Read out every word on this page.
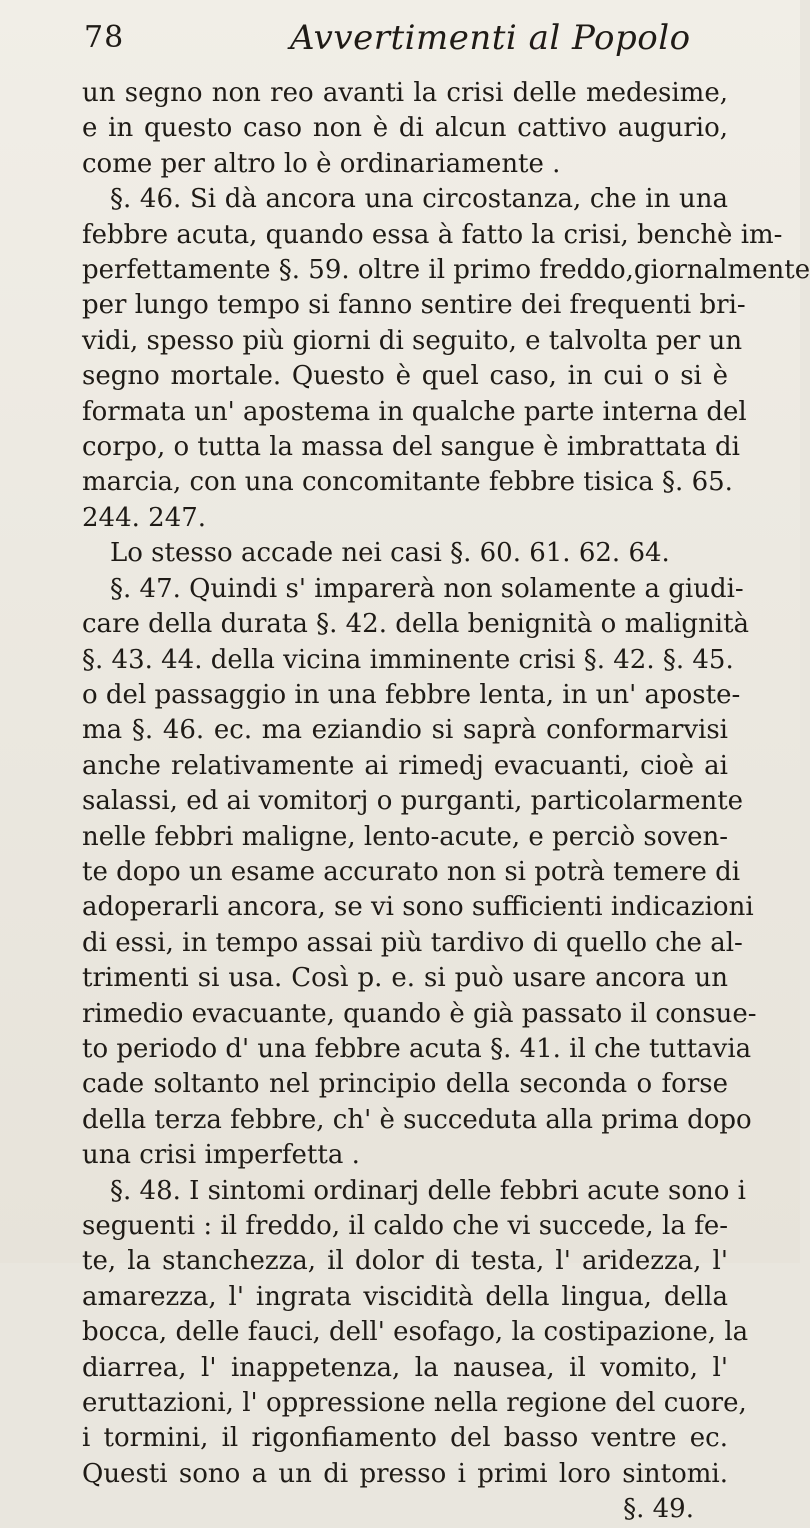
78	Avvertimenti al Popolo
un segno non reo avanti la crisi delle medesime,
e in questo caso non è di alcun cattivo augurio,
come per altro lo è ordinariamente .
§. 46. Si dà ancora una circostanza, che in una
febbre acuta, quando essa à fatto la crisi, benchè im-
perfettamente §. 59. oltre il primo freddo,giornalmente
per lungo tempo si fanno sentire dei frequenti bri-
vidi, spesso più giorni di seguito, e talvolta per un
segno mortale. Questo è quel caso, in cui o si è
formata un' apostema in qualche parte interna del
corpo, o tutta la massa del sangue è imbrattata di
marcia, con una concomitante febbre tisica §. 65.
244. 247.
Lo stesso accade nei casi §. 60. 61. 62. 64.
§. 47. Quindi s' imparerà non solamente a giudi-
care della durata §. 42. della benignità o malignità
§. 43. 44. della vicina imminente crisi §. 42. §. 45.
o del passaggio in una febbre lenta, in un' aposte-
ma §. 46. ec. ma eziandio si saprà conformarvisi
anche relativamente ai rimedj evacuanti, cioè ai
salassi, ed ai vomitorj o purganti, particolarmente
nelle febbri maligne, lento-acute, e perciò soven-
te dopo un esame accurato non si potrà temere di
adoperarli ancora, se vi sono sufficienti indicazioni
di essi, in tempo assai più tardivo di quello che al-
trimenti si usa. Così p. e. si può usare ancora un
rimedio evacuante, quando è già passato il consue-
to periodo d' una febbre acuta §. 41. il che tuttavia
cade soltanto nel principio della seconda o forse
della terza febbre, ch' è succeduta alla prima dopo
una crisi imperfetta .
§. 48. I sintomi ordinarj delle febbri acute sono i
seguenti : il freddo, il caldo che vi succede, la fe-
te, la stanchezza, il dolor di testa, l' aridezza, l'
amarezza, l' ingrata viscidità della lingua, della
bocca, delle fauci, dell' esofago, la costipazione, la
diarrea, l' inappetenza, la nausea, il vomito, l'
eruttazioni, l' oppressione nella regione del cuore,
i tormini, il rigonfiamento del basso ventre ec.
Questi sono a un di presso i primi loro sintomi.
§. 49.
